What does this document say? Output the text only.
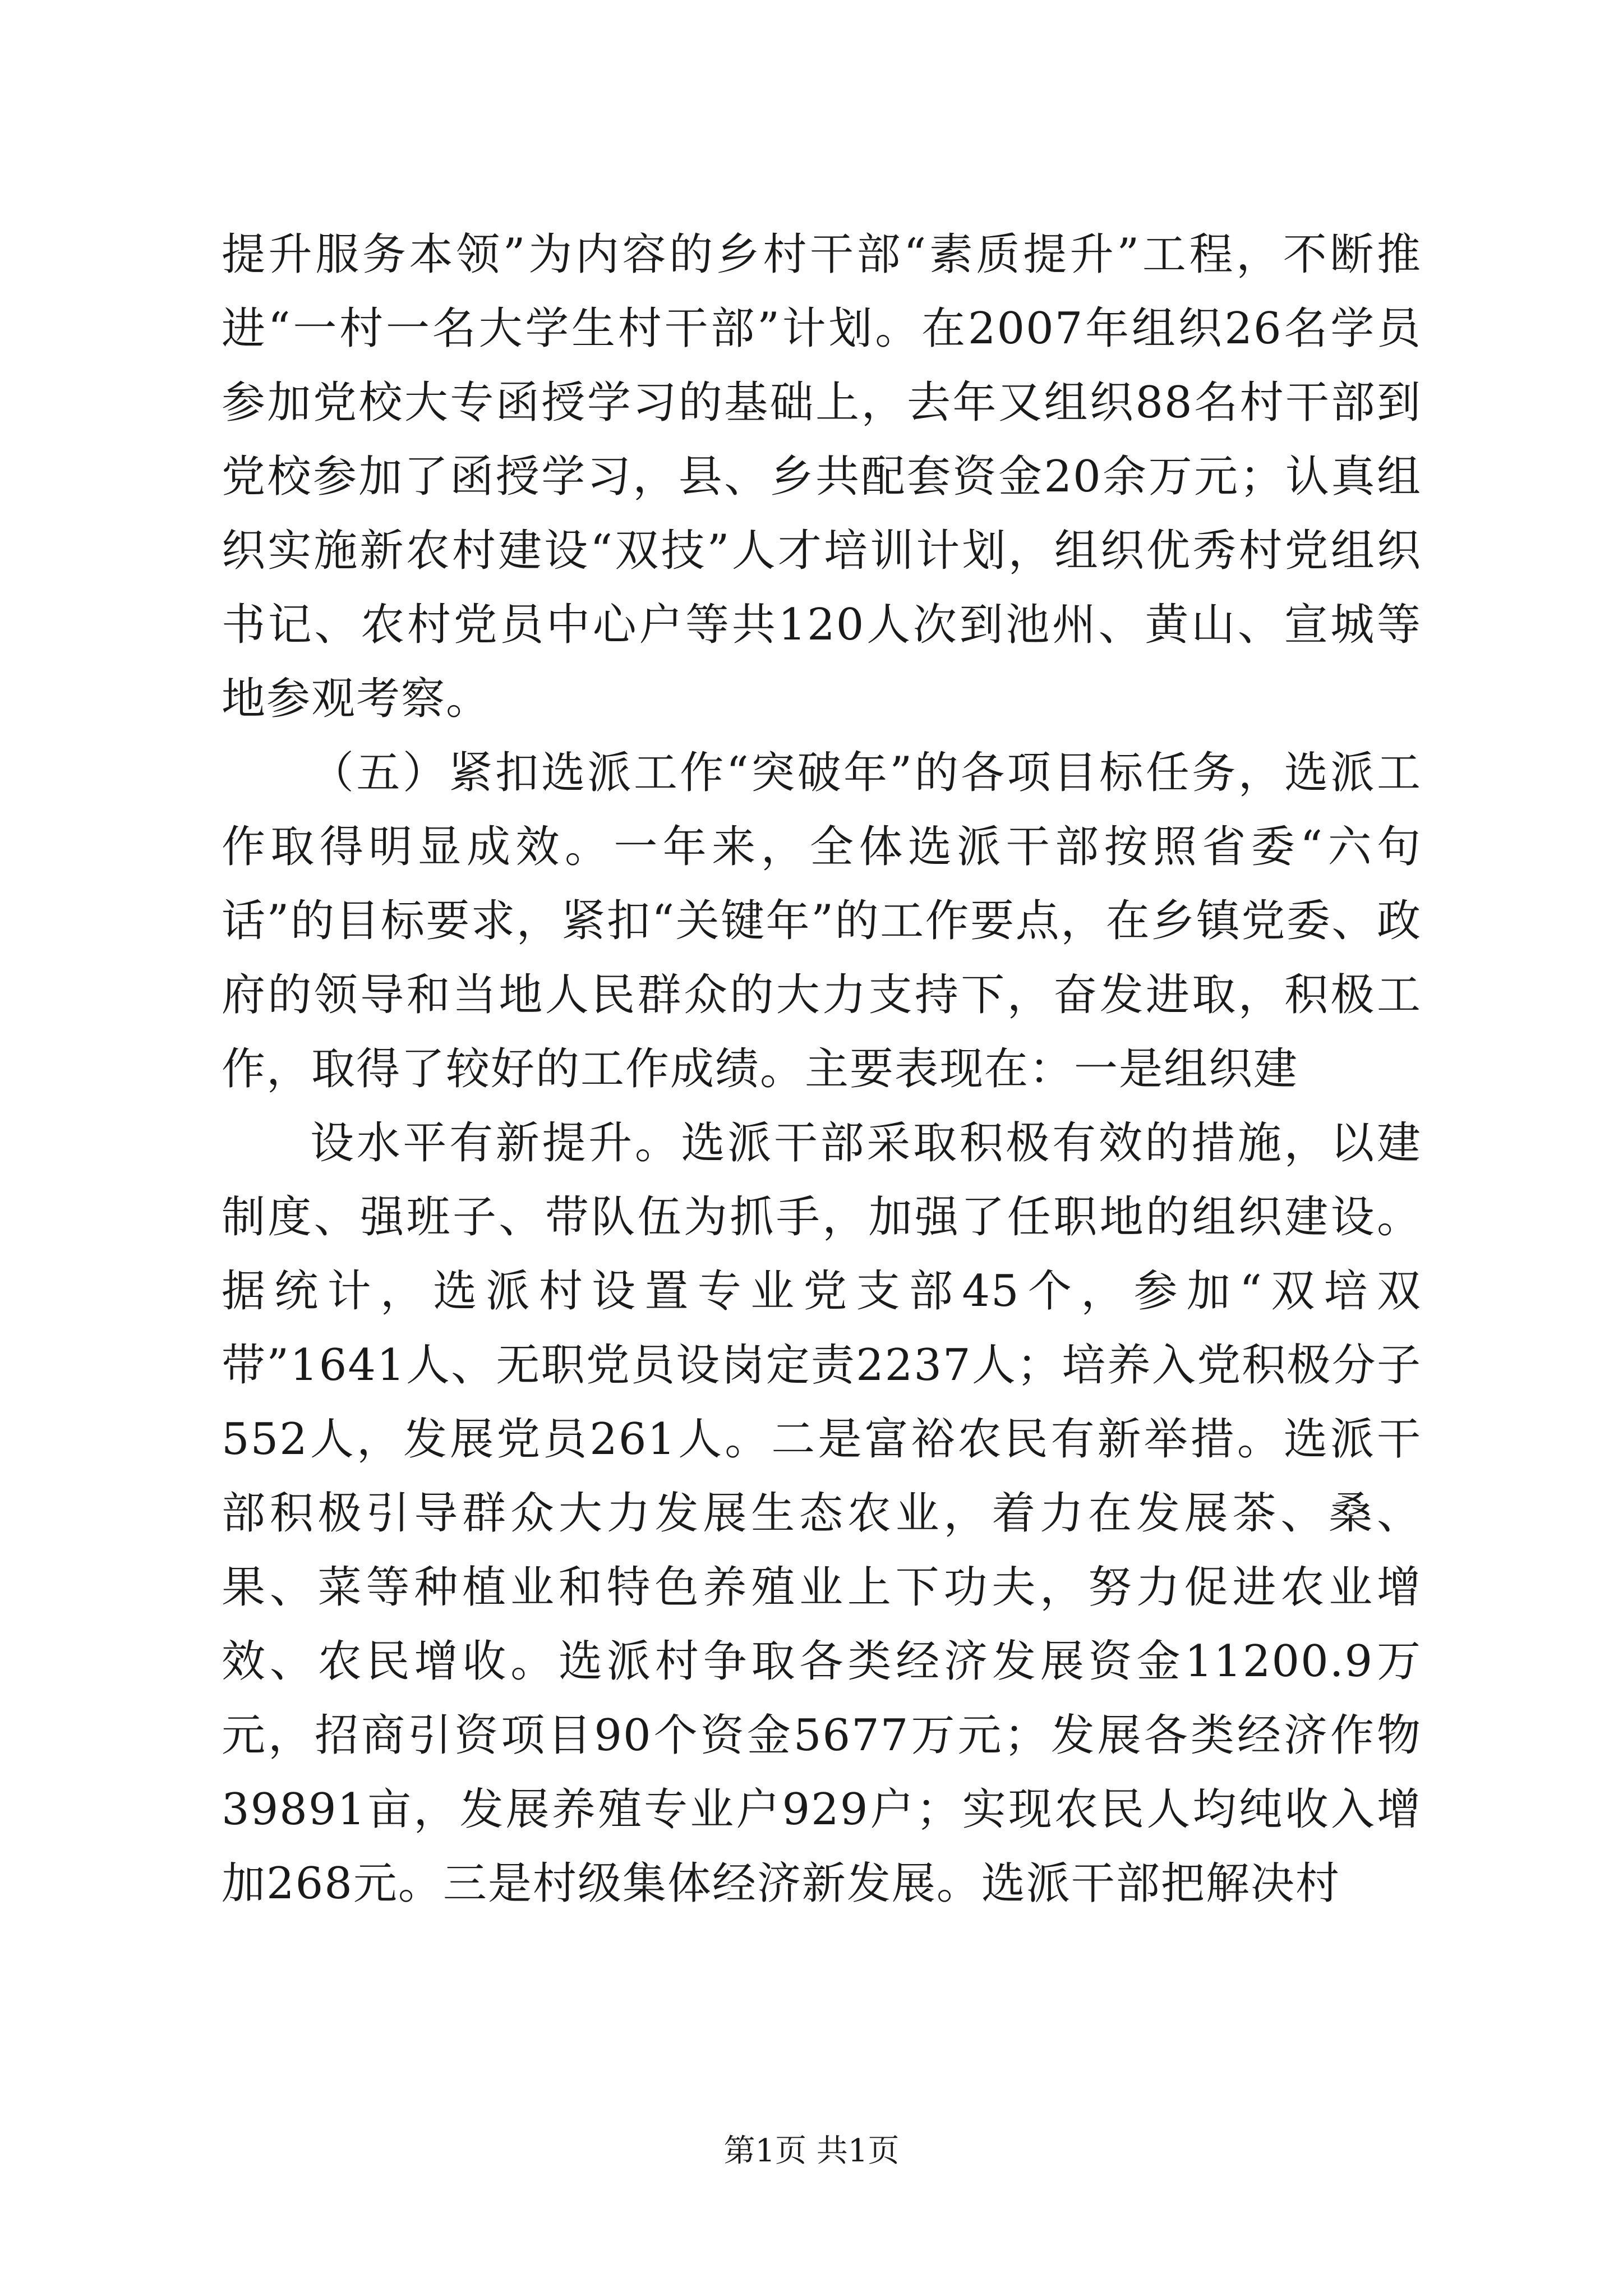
提升服务本领”为内容的乡村干部“素质提升”工程，不断推进“一村一名大学生村干部”计划。在2007年组织26名学员参加党校大专函授学习的基础上，去年又组织88名村干部到党校参加了函授学习，县、乡共配套资金20余万元；认真组织实施新农村建设“双技”人才培训计划，组织优秀村党组织书记、农村党员中心户等共120人次到池州、黄山、宣城等地参观考察。

（五）紧扣选派工作“突破年”的各项目标任务，选派工作取得明显成效。一年来，全体选派干部按照省委“六句话”的目标要求，紧扣“关键年”的工作要点，在乡镇党委、政府的领导和当地人民群众的大力支持下，奋发进取，积极工作，取得了较好的工作成绩。主要表现在：一是组织建

设水平有新提升。选派干部采取积极有效的措施，以建制度、强班子、带队伍为抓手，加强了任职地的组织建设。据统计，选派村设置专业党支部45个，参加“双培双带”1641人、无职党员设岗定责2237人；培养入党积极分子552人，发展党员261人。二是富裕农民有新举措。选派干部积极引导群众大力发展生态农业，着力在发展茶、桑、果、菜等种植业和特色养殖业上下功夫，努力促进农业增效、农民增收。选派村争取各类经济发展资金11200.9万元，招商引资项目90个资金5677万元；发展各类经济作物39891亩，发展养殖专业户929户；实现农民人均纯收入增加268元。三是村级集体经济新发展。选派干部把解决村

第1页 共1页
